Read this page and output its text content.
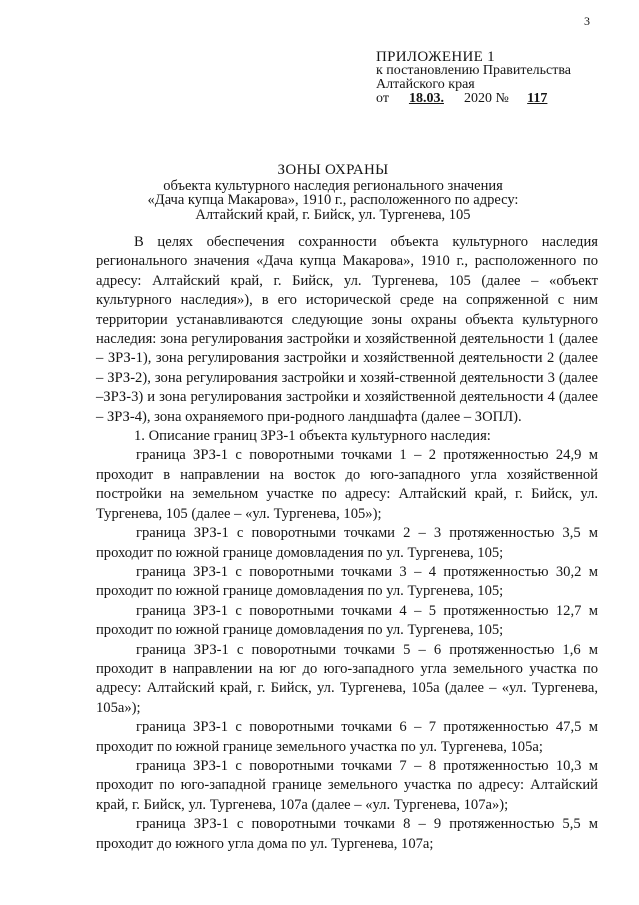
3
ПРИЛОЖЕНИЕ 1
к постановлению Правительства
Алтайского края
от 18.03. 2020 № 117
ЗОНЫ ОХРАНЫ
объекта культурного наследия регионального значения
«Дача купца Макарова», 1910 г., расположенного по адресу:
Алтайский край, г. Бийск, ул. Тургенева, 105

В целях обеспечения сохранности объекта культурного наследия регионального значения «Дача купца Макарова», 1910 г., расположенного по адресу: Алтайский край, г. Бийск, ул. Тургенева, 105 (далее – «объект культурного наследия»), в его исторической среде на сопряженной с ним территории устанавливаются следующие зоны охраны объекта культурного наследия: зона регулирования застройки и хозяйственной деятельности 1 (далее – ЗРЗ-1), зона регулирования застройки и хозяйственной деятельности 2 (далее – ЗРЗ-2), зона регулирования застройки и хозяй-ственной деятельности 3 (далее –ЗРЗ-3) и зона регулирования застройки и хозяйственной деятельности 4 (далее – ЗРЗ-4), зона охраняемого при-родного ландшафта (далее – ЗОПЛ).

1. Описание границ ЗРЗ-1 объекта культурного наследия:

граница ЗРЗ-1 с поворотными точками 1 – 2 протяженностью 24,9 м проходит в направлении на восток до юго-западного угла хозяйственной постройки на земельном участке по адресу: Алтайский край, г. Бийск, ул. Тургенева, 105 (далее – «ул. Тургенева, 105»);

граница ЗРЗ-1 с поворотными точками 2 – 3 протяженностью 3,5 м проходит по южной границе домовладения по ул. Тургенева, 105;

граница ЗРЗ-1 с поворотными точками 3 – 4 протяженностью 30,2 м проходит по южной границе домовладения по ул. Тургенева, 105;

граница ЗРЗ-1 с поворотными точками 4 – 5 протяженностью 12,7 м проходит по южной границе домовладения по ул. Тургенева, 105;

граница ЗРЗ-1 с поворотными точками 5 – 6 протяженностью 1,6 м проходит в направлении на юг до юго-западного угла земельного участка по адресу: Алтайский край, г. Бийск, ул. Тургенева, 105а (далее – «ул. Тургенева, 105а»);

граница ЗРЗ-1 с поворотными точками 6 – 7 протяженностью 47,5 м проходит по южной границе земельного участка по ул. Тургенева, 105а;

граница ЗРЗ-1 с поворотными точками 7 – 8 протяженностью 10,3 м проходит по юго-западной границе земельного участка по адресу: Алтайский край, г. Бийск, ул. Тургенева, 107а (далее – «ул. Тургенева, 107а»);

граница ЗРЗ-1 с поворотными точками 8 – 9 протяженностью 5,5 м проходит до южного угла дома по ул. Тургенева, 107а;
